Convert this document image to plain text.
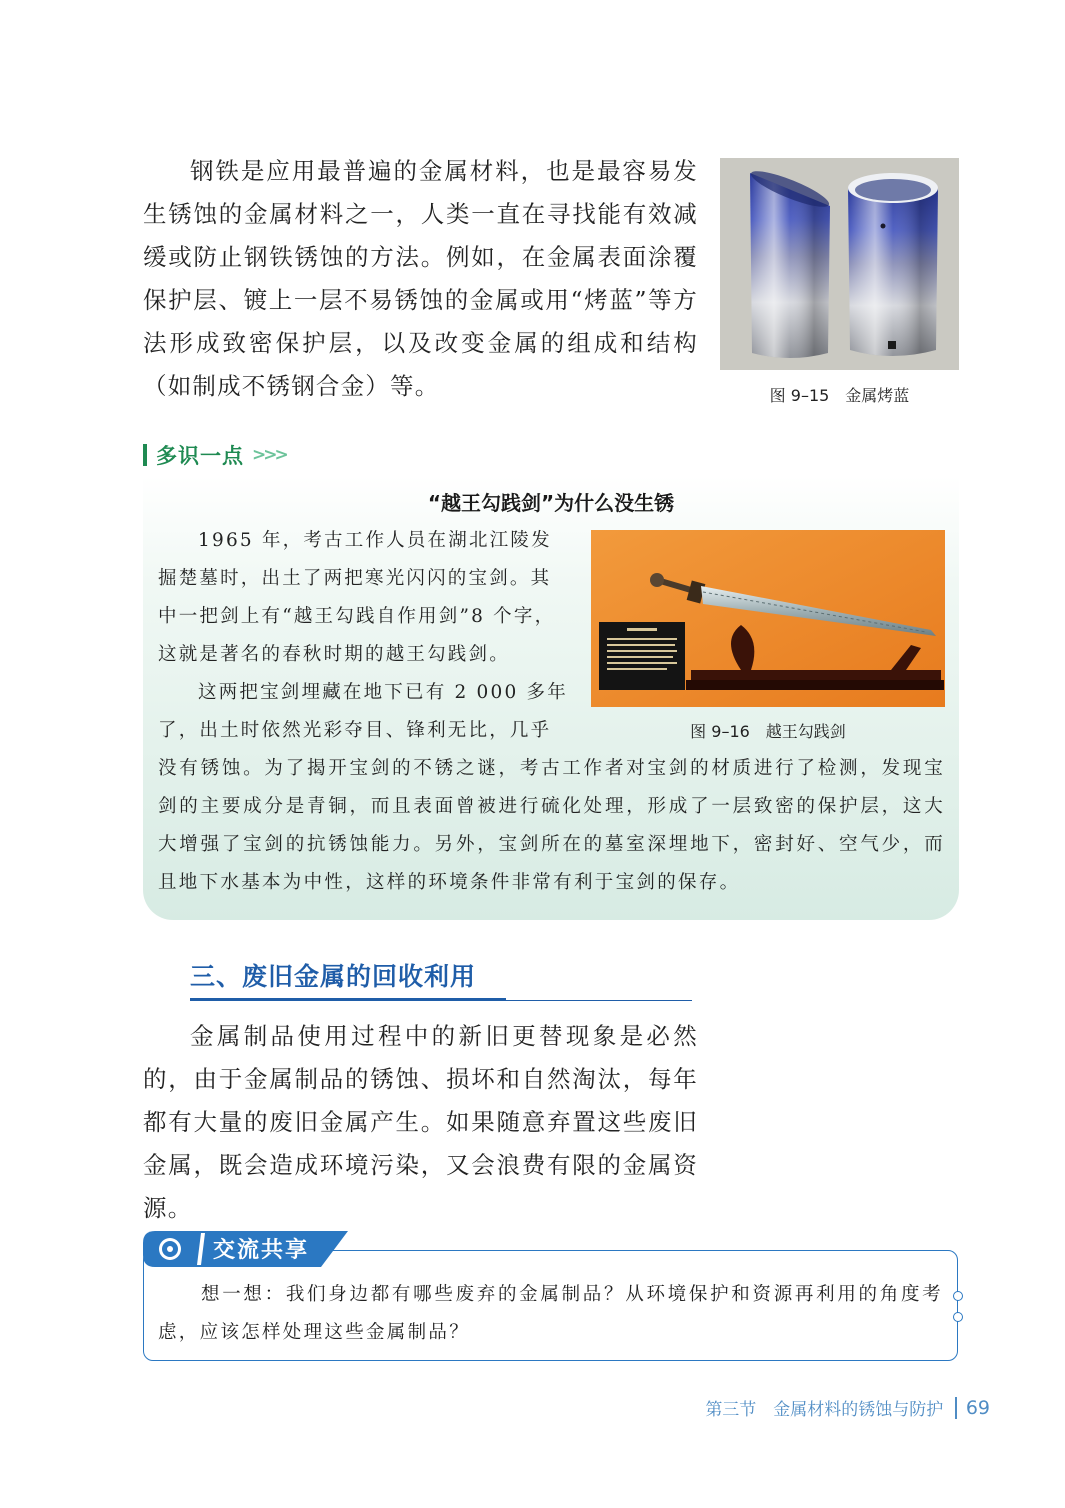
钢铁是应用最普遍的金属材料，也是最容易发生锈蚀的金属材料之一，人类一直在寻找能有效减缓或防止钢铁锈蚀的方法。例如，在金属表面涂覆保护层、镀上一层不易锈蚀的金属或用“烤蓝”等方法形成致密保护层，以及改变金属的组成和结构（如制成不锈钢合金）等。	图 9–15　金属烤蓝
多识一点 >>>
“越王勾践剑”为什么没生锈

1965 年，考古工作人员在湖北江陵发掘楚墓时，出土了两把寒光闪闪的宝剑。其中一把剑上有“越王勾践自作用剑”8 个字，这就是著名的春秋时期的越王勾践剑。

这两把宝剑埋藏在地下已有 2 000 多年了，出土时依然光彩夺目、锋利无比，几乎

没有锈蚀。为了揭开宝剑的不锈之谜，考古工作者对宝剑的材质进行了检测，发现宝剑的主要成分是青铜，而且表面曾被进行硫化处理，形成了一层致密的保护层，这大大增强了宝剑的抗锈蚀能力。另外，宝剑所在的墓室深埋地下，密封好、空气少，而且地下水基本为中性，这样的环境条件非常有利于宝剑的保存。

图 9–16　越王勾践剑
三、废旧金属的回收利用

金属制品使用过程中的新旧更替现象是必然的，由于金属制品的锈蚀、损坏和自然淘汰，每年都有大量的废旧金属产生。如果随意弃置这些废旧金属，既会造成环境污染，又会浪费有限的金属资源。

交流共享

想一想：我们身边都有哪些废弃的金属制品？从环境保护和资源再利用的角度考虑，应该怎样处理这些金属制品？

第三节　金属材料的锈蚀与防护 69
